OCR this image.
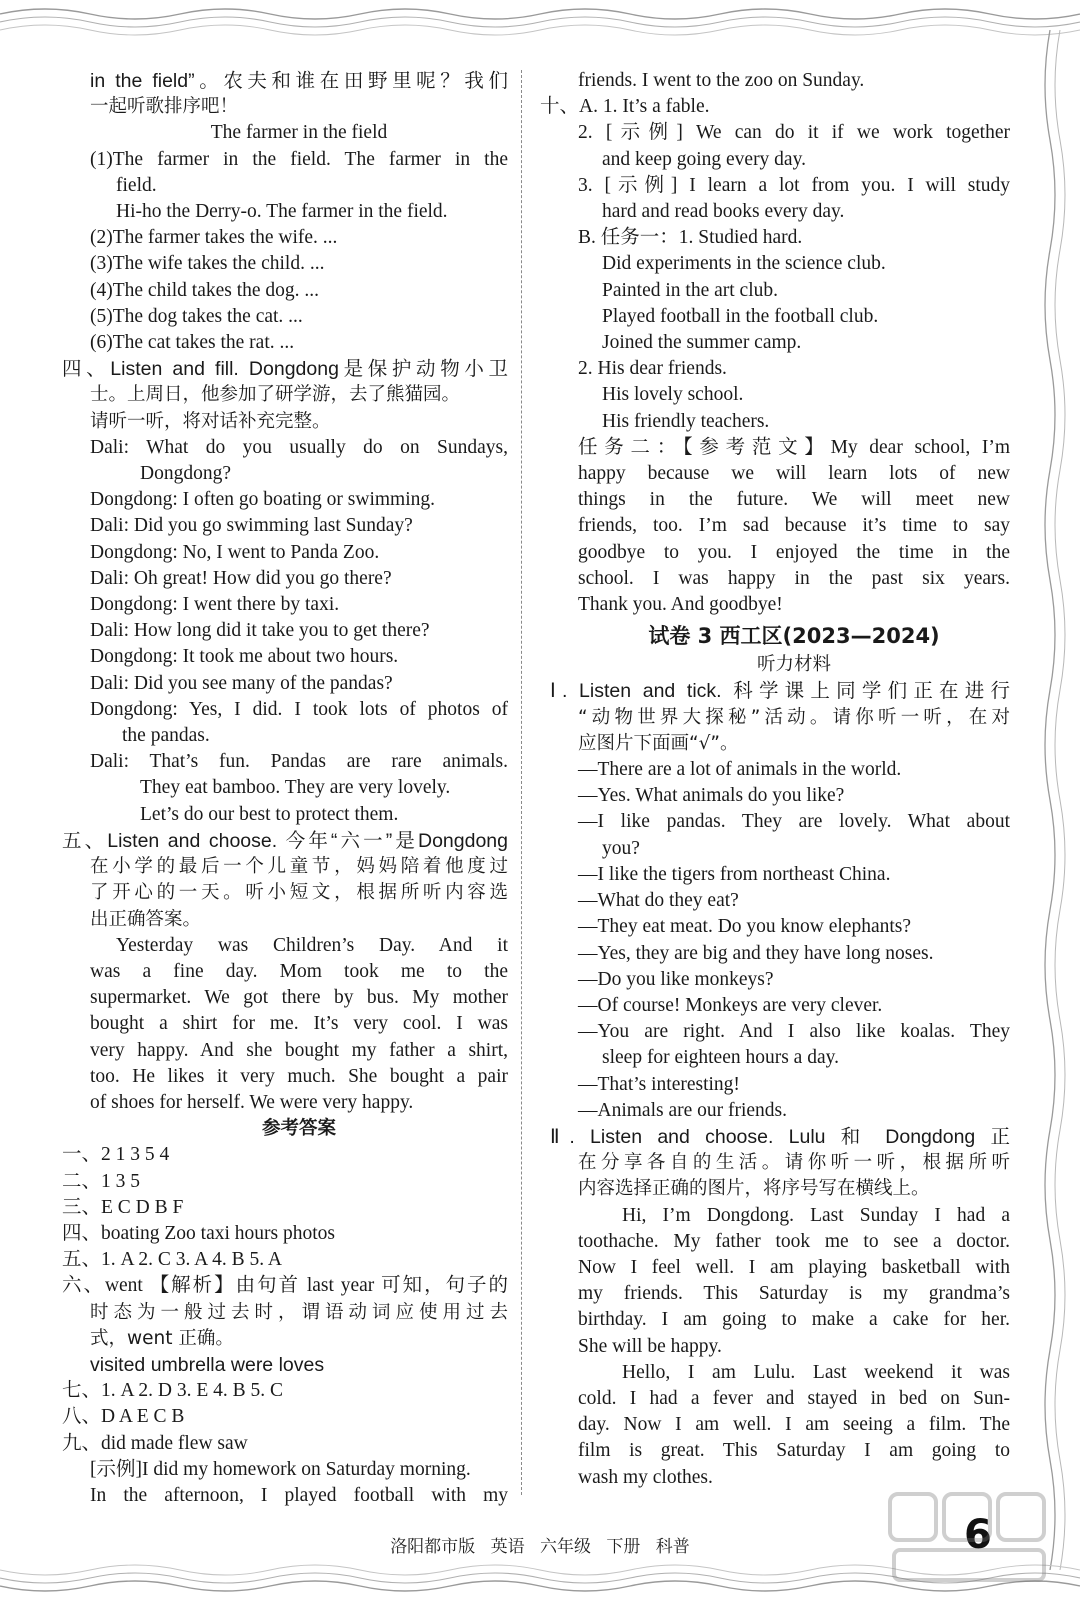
in the field”。农夫和谁在田野里呢？我们
一起听歌排序吧！
The farmer in the field
(1)The farmer in the field. The farmer in the
field.
Hi-ho the Derry-o. The farmer in the field.
(2)The farmer takes the wife. ...
(3)The wife takes the child. ...
(4)The child takes the dog. ...
(5)The dog takes the cat. ...
(6)The cat takes the rat. ...
四、Listen and fill. Dongdong是保护动物小卫
士。上周日，他参加了研学游，去了熊猫园。
请听一听，将对话补充完整。
Dali: What do you usually do on Sundays,
Dongdong?
Dongdong: I often go boating or swimming.
Dali: Did you go swimming last Sunday?
Dongdong: No, I went to Panda Zoo.
Dali: Oh great! How did you go there?
Dongdong: I went there by taxi.
Dali: How long did it take you to get there?
Dongdong: It took me about two hours.
Dali: Did you see many of the pandas?
Dongdong: Yes, I did. I took lots of photos of
the pandas.
Dali: That’s fun. Pandas are rare animals.
They eat bamboo. They are very lovely.
Let’s do our best to protect them.
五、Listen and choose. 今年“六一”是Dongdong
在小学的最后一个儿童节，妈妈陪着他度过
了开心的一天。听小短文，根据所听内容选
出正确答案。
Yesterday was Children’s Day. And it
was a fine day. Mom took me to the
supermarket. We got there by bus. My mother
bought a shirt for me. It’s very cool. I was
very happy. And she bought my father a shirt,
too. He likes it very much. She bought a pair
of shoes for herself. We were very happy.
参考答案
一、2 1 3 5 4
二、1 3 5
三、E C D B F
四、boating Zoo taxi hours photos
五、1. A 2. C 3. A 4. B 5. A
六、went 【解析】由句首 last year 可知，句子的
时态为一般过去时，谓语动词应使用过去
式，went 正确。
visited umbrella were loves
七、1. A 2. D 3. E 4. B 5. C
八、D A E C B
九、did made flew saw
[示例]I did my homework on Saturday morning.
In the afternoon, I played football with my
friends. I went to the zoo on Sunday.
十、A. 1. It’s a fable.
2. [示例] We can do it if we work together
and keep going every day.
3. [示例] I learn a lot from you. I will study
hard and read books every day.
B. 任务一：1. Studied hard.
Did experiments in the science club.
Painted in the art club.
Played football in the football club.
Joined the summer camp.
2. His dear friends.
His lovely school.
His friendly teachers.
任务二：【参考范文】My dear school, I’m
happy because we will learn lots of new
things in the future. We will meet new
friends, too. I’m sad because it’s time to say
goodbye to you. I enjoyed the time in the
school. I was happy in the past six years.
Thank you. And goodbye!
试卷 3 西工区(2023—2024)
听力材料
Ⅰ. Listen and tick. 科学课上同学们正在进行
“动物世界大探秘”活动。请你听一听，在对
应图片下面画“√”。
—There are a lot of animals in the world.
—Yes. What animals do you like?
—I like pandas. They are lovely. What about
you?
—I like the tigers from northeast China.
—What do they eat?
—They eat meat. Do you know elephants?
—Yes, they are big and they have long noses.
—Do you like monkeys?
—Of course! Monkeys are very clever.
—You are right. And I also like koalas. They
sleep for eighteen hours a day.
—That’s interesting!
—Animals are our friends.
Ⅱ. Listen and choose. Lulu 和 Dongdong 正
在分享各自的生活。请你听一听，根据所听
内容选择正确的图片，将序号写在横线上。
Hi, I’m Dongdong. Last Sunday I had a
toothache. My father took me to see a doctor.
Now I feel well. I am playing basketball with
my friends. This Saturday is my grandma’s
birthday. I am going to make a cake for her.
She will be happy.
Hello, I am Lulu. Last weekend it was
cold. I had a fever and stayed in bed on Sun-
day. Now I am well. I am seeing a film. The
film is great. This Saturday I am going to
wash my clothes.
洛阳都市版 英语 六年级 下册 科普	6
